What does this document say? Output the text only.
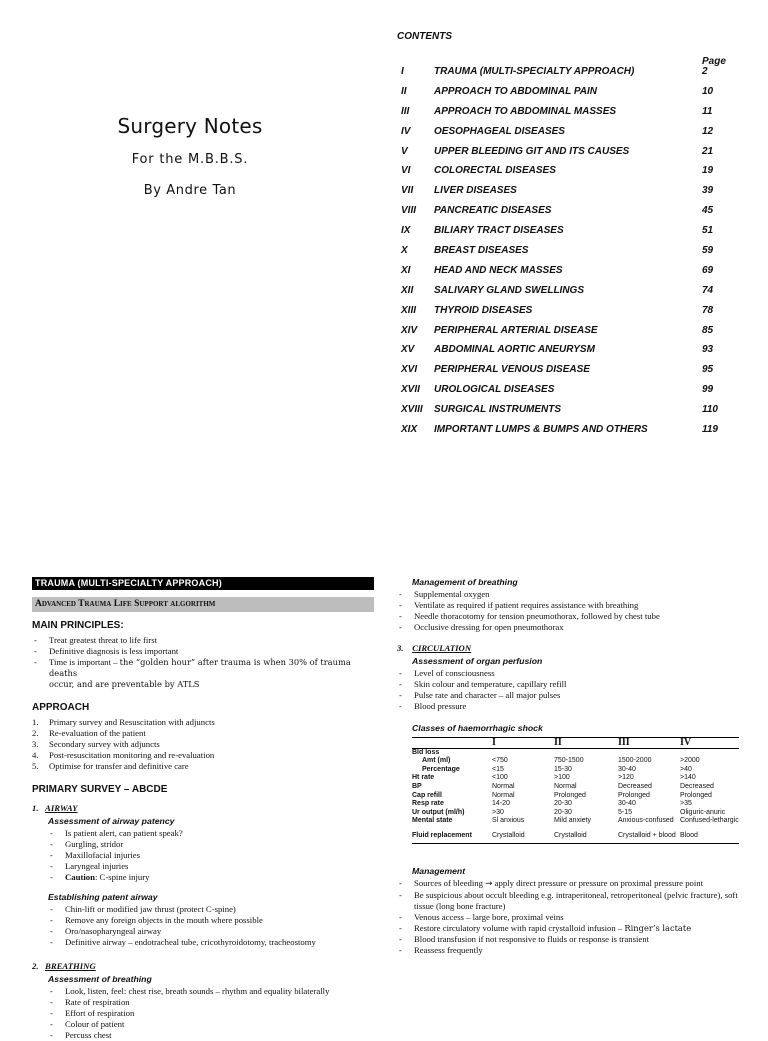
Surgery Notes
For the M.B.B.S.
By Andre Tan
CONTENTS
Page
I	TRAUMA (MULTI-SPECIALTY APPROACH)	2
II	APPROACH TO ABDOMINAL PAIN	10
III APPROACH TO ABDOMINAL MASSES	11
IV OESOPHAGEAL DISEASES	12
V	UPPER BLEEDING GIT AND ITS CAUSES	21
VI COLORECTAL DISEASES	19
VII LIVER DISEASES	39
VIII PANCREATIC DISEASES	45
IX BILIARY TRACT DISEASES	51
X	BREAST DISEASES	59
XI HEAD AND NECK MASSES	69
XII SALIVARY GLAND SWELLINGS	74
XIII THYROID DISEASES	78
XIV PERIPHERAL ARTERIAL DISEASE	85
XV ABDOMINAL AORTIC ANEURYSM	93
XVI PERIPHERAL VENOUS DISEASE	95
XVII UROLOGICAL DISEASES	99
XVIII SURGICAL INSTRUMENTS	110
XIX IMPORTANT LUMPS & BUMPS AND OTHERS	119
TRAUMA (MULTI-SPECIALTY APPROACH)
Advanced Trauma Life Support algorithm
MAIN PRINCIPLES:
- Treat greatest threat to life first
- Definitive diagnosis is less important
- Time is important – the “golden hour” after trauma is when 30% of trauma deaths
occur, and are preventable by ATLS
APPROACH
1. Primary survey and Resuscitation with adjuncts
2. Re-evaluation of the patient
3. Secondary survey with adjuncts
4. Post-resuscitation monitoring and re-evaluation
5. Optimise for transfer and definitive care
PRIMARY SURVEY – ABCDE
1. AIRWAY
Assessment of airway patency
- Is patient alert, can patient speak?
- Gurgling, stridor
- Maxillofacial injuries
- Laryngeal injuries
- Caution: C-spine injury
Establishing patent airway
- Chin-lift or modified jaw thrust (protect C-spine)
- Remove any foreign objects in the mouth where possible
- Oro/nasopharyngeal airway
- Definitive airway – endotracheal tube, cricothyroidotomy, tracheostomy
2. BREATHING
Assessment of breathing
- Look, listen, feel: chest rise, breath sounds – rhythm and equality bilaterally
- Rate of respiration
- Effort of respiration
- Colour of patient
- Percuss chest
Management of breathing
- Supplemental oxygen
- Ventilate as required if patient requires assistance with breathing
- Needle thoracotomy for tension pneumothorax, followed by chest tube
- Occlusive dressing for open pneumothorax
3. CIRCULATION
Assessment of organ perfusion
- Level of consciousness
- Skin colour and temperature, capillary refill
- Pulse rate and character – all major pulses
- Blood pressure
Classes of haemorrhagic shock
	I	II	III	IV
Bld loss				
Amt (ml)	<750	750-1500	1500-2000	>2000
Percentage	<15	15-30	30-40	>40
Ht rate	<100	>100	>120	>140
BP	Normal	Normal	Decreased	Decreased
Cap refill	Normal	Prolonged	Prolonged	Prolonged
Resp rate	14-20	20-30	30-40	>35
Ur output (ml/h)	>30	20-30	5-15	Oliguric-anuric
Mental state	Sl anxious	Mild anxiety	Anxious-confused	Confused-lethargic
Fluid replacement	Crystalloid	Crystalloid	Crystalloid + blood	Blood
Management
- Sources of bleeding → apply direct pressure or pressure on proximal pressure point
- Be suspicious about occult bleeding e.g. intraperitoneal, retroperitoneal (pelvic fracture), soft tissue (long bone fracture)
- Venous access – large bore, proximal veins
- Restore circulatory volume with rapid crystalloid infusion – Ringer’s lactate
- Blood transfusion if not responsive to fluids or response is transient
- Reassess frequently
